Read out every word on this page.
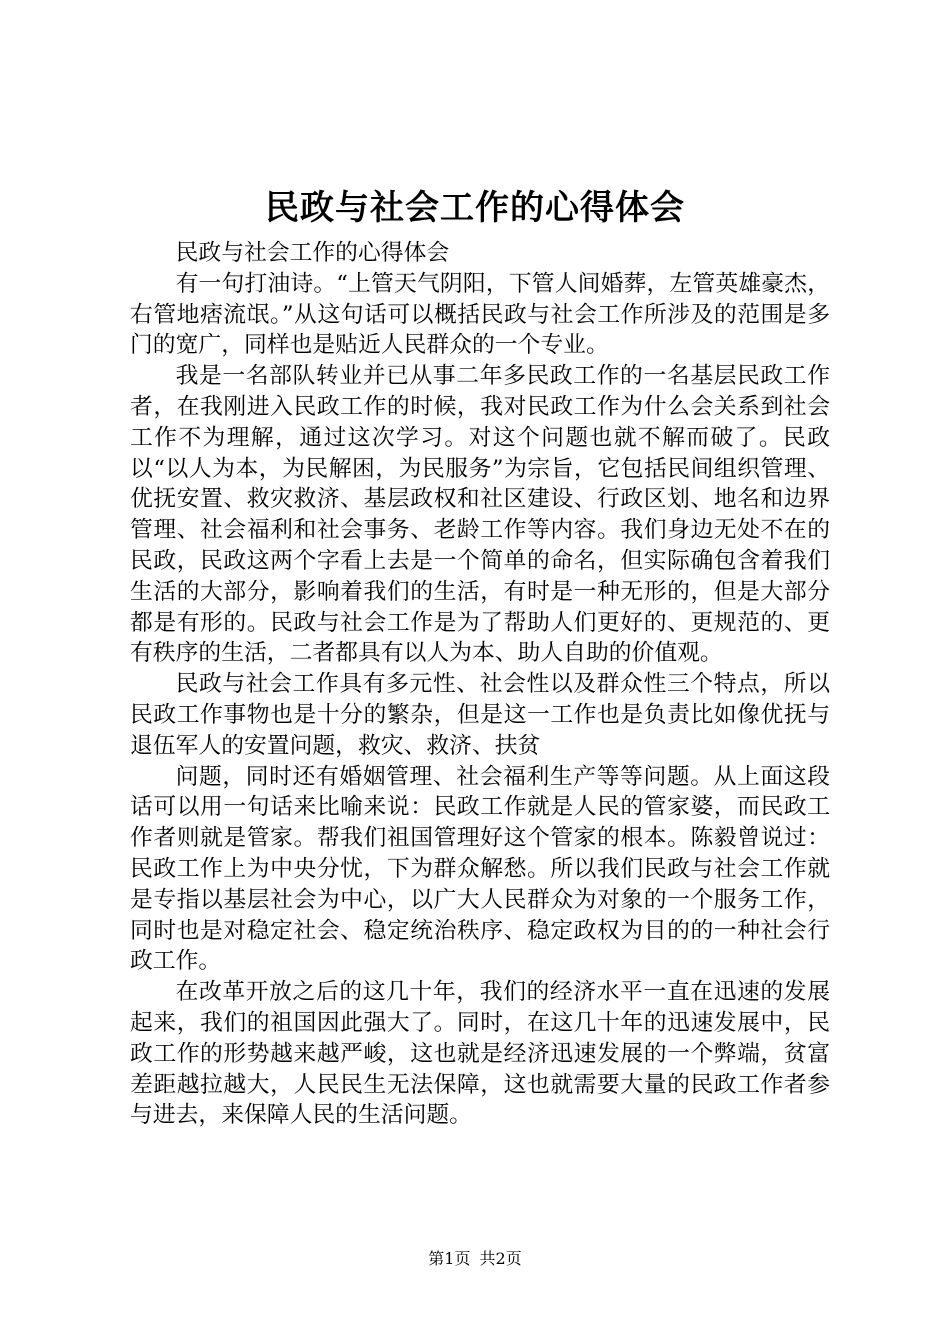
民政与社会工作的心得体会

民政与社会工作的心得体会

有一句打油诗。“上管天气阴阳，下管人间婚葬，左管英雄豪杰，右管地痞流氓。”从这句话可以概括民政与社会工作所涉及的范围是多门的宽广，同样也是贴近人民群众的一个专业。

我是一名部队转业并已从事二年多民政工作的一名基层民政工作者，在我刚进入民政工作的时候，我对民政工作为什么会关系到社会工作不为理解，通过这次学习。对这个问题也就不解而破了。民政以“以人为本，为民解困，为民服务”为宗旨，它包括民间组织管理、优抚安置、救灾救济、基层政权和社区建设、行政区划、地名和边界管理、社会福利和社会事务、老龄工作等内容。我们身边无处不在的民政，民政这两个字看上去是一个简单的命名，但实际确包含着我们生活的大部分，影响着我们的生活，有时是一种无形的，但是大部分都是有形的。民政与社会工作是为了帮助人们更好的、更规范的、更有秩序的生活，二者都具有以人为本、助人自助的价值观。

民政与社会工作具有多元性、社会性以及群众性三个特点，所以民政工作事物也是十分的繁杂，但是这一工作也是负责比如像优抚与退伍军人的安置问题，救灾、救济、扶贫

问题，同时还有婚姻管理、社会福利生产等等问题。从上面这段话可以用一句话来比喻来说：民政工作就是人民的管家婆，而民政工作者则就是管家。帮我们祖国管理好这个管家的根本。陈毅曾说过：民政工作上为中央分忧，下为群众解愁。所以我们民政与社会工作就是专指以基层社会为中心，以广大人民群众为对象的一个服务工作，同时也是对稳定社会、稳定统治秩序、稳定政权为目的的一种社会行政工作。

在改革开放之后的这几十年，我们的经济水平一直在迅速的发展起来，我们的祖国因此强大了。同时，在这几十年的迅速发展中，民政工作的形势越来越严峻，这也就是经济迅速发展的一个弊端，贫富差距越拉越大，人民民生无法保障，这也就需要大量的民政工作者参与进去，来保障人民的生活问题。

第1页 共2页
